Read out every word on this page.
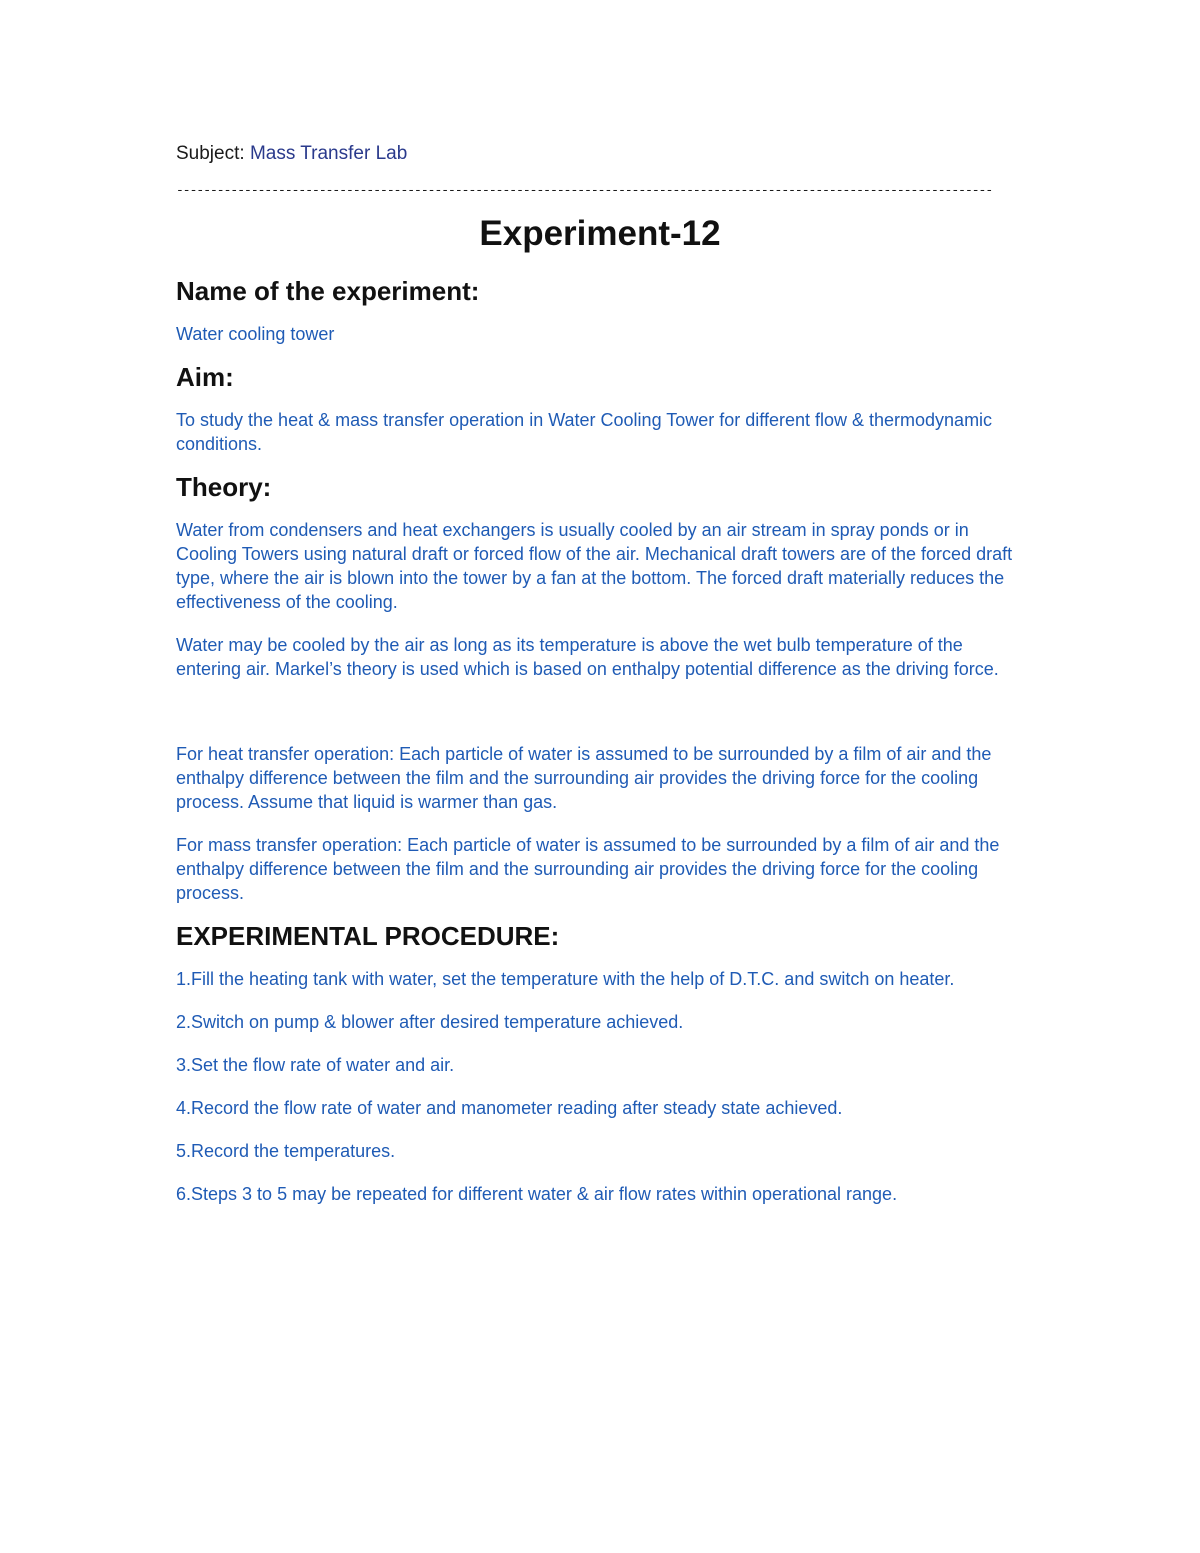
Subject: Mass Transfer Lab

------------------------------------------------------------------------------------------------------------------------
Experiment-12
Name of the experiment:

Water cooling tower

Aim:

To study the heat & mass transfer operation in Water Cooling Tower for different flow & thermodynamic conditions.

Theory:

Water from condensers and heat exchangers is usually cooled by an air stream in spray ponds or in Cooling Towers using natural draft or forced flow of the air. Mechanical draft towers are of the forced draft type, where the air is blown into the tower by a fan at the bottom. The forced draft materially reduces the effectiveness of the cooling.

Water may be cooled by the air as long as its temperature is above the wet bulb temperature of the entering air. Markel’s theory is used which is based on enthalpy potential difference as the driving force.

For heat transfer operation: Each particle of water is assumed to be surrounded by a film of air and the enthalpy difference between the film and the surrounding air provides the driving force for the cooling process. Assume that liquid is warmer than gas.

For mass transfer operation: Each particle of water is assumed to be surrounded by a film of air and the enthalpy difference between the film and the surrounding air provides the driving force for the cooling process.

EXPERIMENTAL PROCEDURE:

1.Fill the heating tank with water, set the temperature with the help of D.T.C. and switch on heater.

2.Switch on pump & blower after desired temperature achieved.

3.Set the flow rate of water and air.

4.Record the flow rate of water and manometer reading after steady state achieved.

5.Record the temperatures.

6.Steps 3 to 5 may be repeated for different water & air flow rates within operational range.
